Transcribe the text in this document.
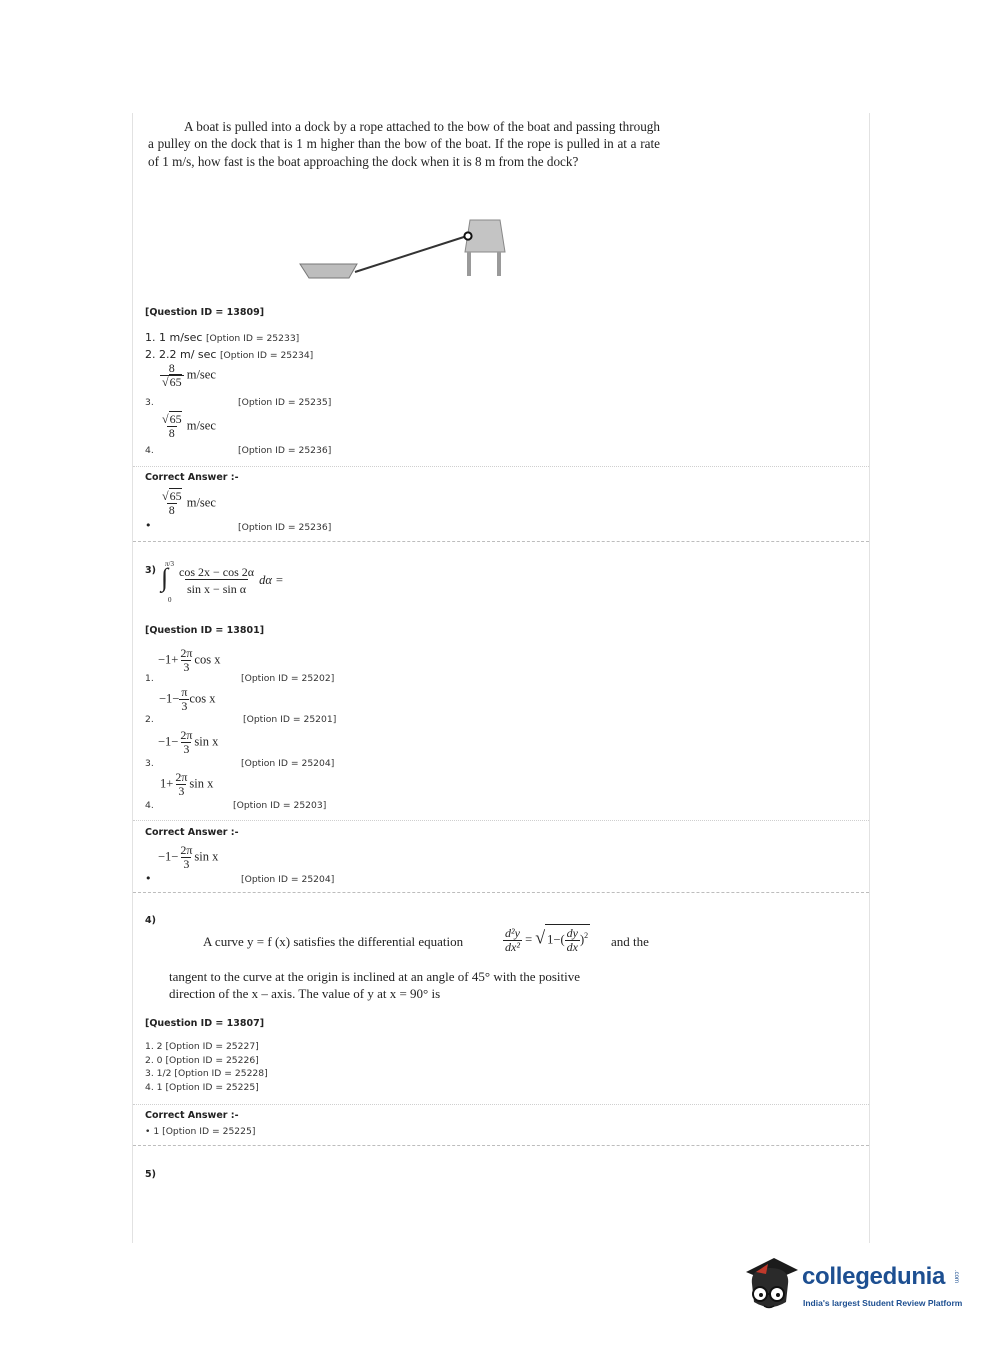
A boat is pulled into a dock by a rope attached to the bow of the boat and passing through a pulley on the dock that is 1 m higher than the bow of the boat. If the rope is pulled in at a rate of 1 m/s, how fast is the boat approaching the dock when it is 8 m from the dock?
[Question ID = 13809]
1. 1 m/sec [Option ID = 25233]
2. 2.2 m/ sec [Option ID = 25234]
3.
$\frac{8}{√65} m/\sec$
[Option ID = 25235]
4.
$\frac{√65}{8} m/\sec$
[Option ID = 25236]
Correct Answer :-
•
$\frac{√65}{8} m/\sec$
[Option ID = 25236]
3)
π/3
∫
0
$\frac{\cos 2x - \cos 2\alpha}{\text{sin x − sin α}}$ dα =
[Question ID = 13801]
1.
$-1+ \frac{2\pi}{3}$ cos x
[Option ID = 25202]
2.
$-1- \frac{\pi}{3}$ cos x
[Option ID = 25201]
3.
$-1- \frac{2\pi}{3}$ sin x
[Option ID = 25204]
4.
$1+ \frac{2\pi}{3}$ sin x
[Option ID = 25203]
Correct Answer :-
•
$-1- \frac{2\pi}{3}$ sin x
[Option ID = 25204]
4)
A curve y = f (x) satisfies the differential equation	$\frac{\text{d²y}}{\text{dx²}}$ = √ $1-( \frac{dy}{dx} )^2$ and the
tangent to the curve at the origin is inclined at an angle of 45° with the positive
direction of the x – axis. The value of y at x = 90° is
[Question ID = 13807]
1. 2 [Option ID = 25227]
2. 0 [Option ID = 25226]
3. 1/2 [Option ID = 25228]
4. 1 [Option ID = 25225]
Correct Answer :-
• 1 [Option ID = 25225]
5)
collegedunia .com
India's largest Student Review Platform
